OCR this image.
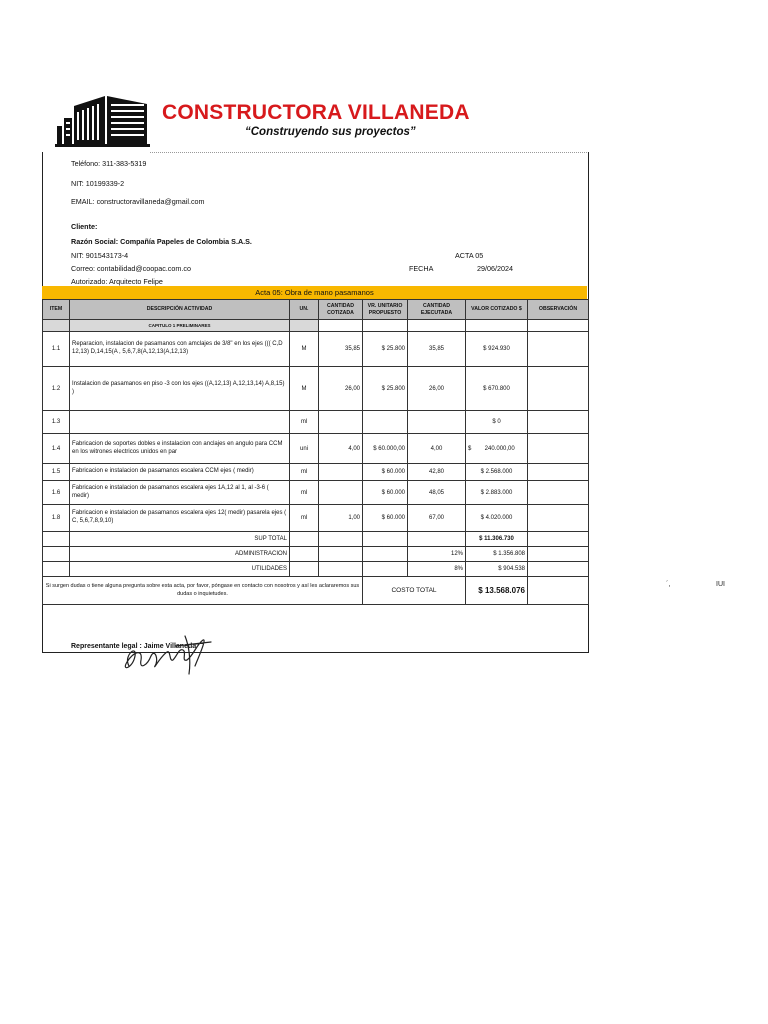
CONSTRUCTORA VILLANEDA
“Construyendo sus proyectos”
Teléfono: 311-383-5319
NIT: 10199339-2
EMAIL: constructoravillaneda@gmail.com
Cliente:
Razón Social: Compañía Papeles de Colombia S.A.S.
NIT: 901543173-4	ACTA 05
Correo: contabilidad@coopac.com.co	FECHA	29/06/2024
Autorizado: Arquitecto Felipe
Acta 05: Obra de mano pasamanos
ITEM	DESCRIPCIÓN ACTIVIDAD	UN.	CANTIDAD COTIZADA	VR. UNITARIO PROPUESTO	CANTIDAD EJECUTADA	VALOR COTIZADO $	OBSERVACIÓN
	CAPITULO 1 PRELIMINARES						
1.1	Reparacion, instalacion de pasamanos con amclajes de 3/8" en los ejes ((( C,D 12,13) D,14,15(A , 5,6,7,8(A,12,13(A,12,13)	M	35,85	$ 25.800	35,85	$ 924.930	
1.2	Instalacion de pasamanos en piso -3 con los ejes ((A,12,13) A,12,13,14) A,8,15) )	M	26,00	$ 25.800	26,00	$ 670.800	
1.3		ml				$ 0	
1.4	Fabricacion de soportes dobles e instalacion con anclajes en angulo para CCM en los witrones electricos unidos en par	uni	4,00	$ 60.000,00	4,00	$        240.000,00	
1.5	Fabricacion e instalacion de pasamanos escalera CCM ejes ( medir)	ml		$ 60.000	42,80	$ 2.568.000	
1.6	Fabricacion e instalacion de pasamanos escalera ejes 1A,12 al 1, al -3-6 ( medir)	ml		$ 60.000	48,05	$ 2.883.000	
1.8	Fabricacion e instalacion de pasamanos escalera ejes 12( medir) pasarela ejes ( C, 5,6,7,8,9,10)	ml	1,00	$ 60.000	67,00	$ 4.020.000	
	SUP TOTAL					$ 11.306.730	
	ADMINISTRACION				12%	$ 1.356.808	
	UTILIDADES				8%	$ 904.538	
Si surgen dudas o tiene alguna pregunta sobre esta acta, por favor, póngase en contacto con nosotros y así les aclararemos sus dudas o inquietudes.				COSTO TOTAL		$ 13.568.076	
Representante legal : Jaime Villaneda
´,	IUI
